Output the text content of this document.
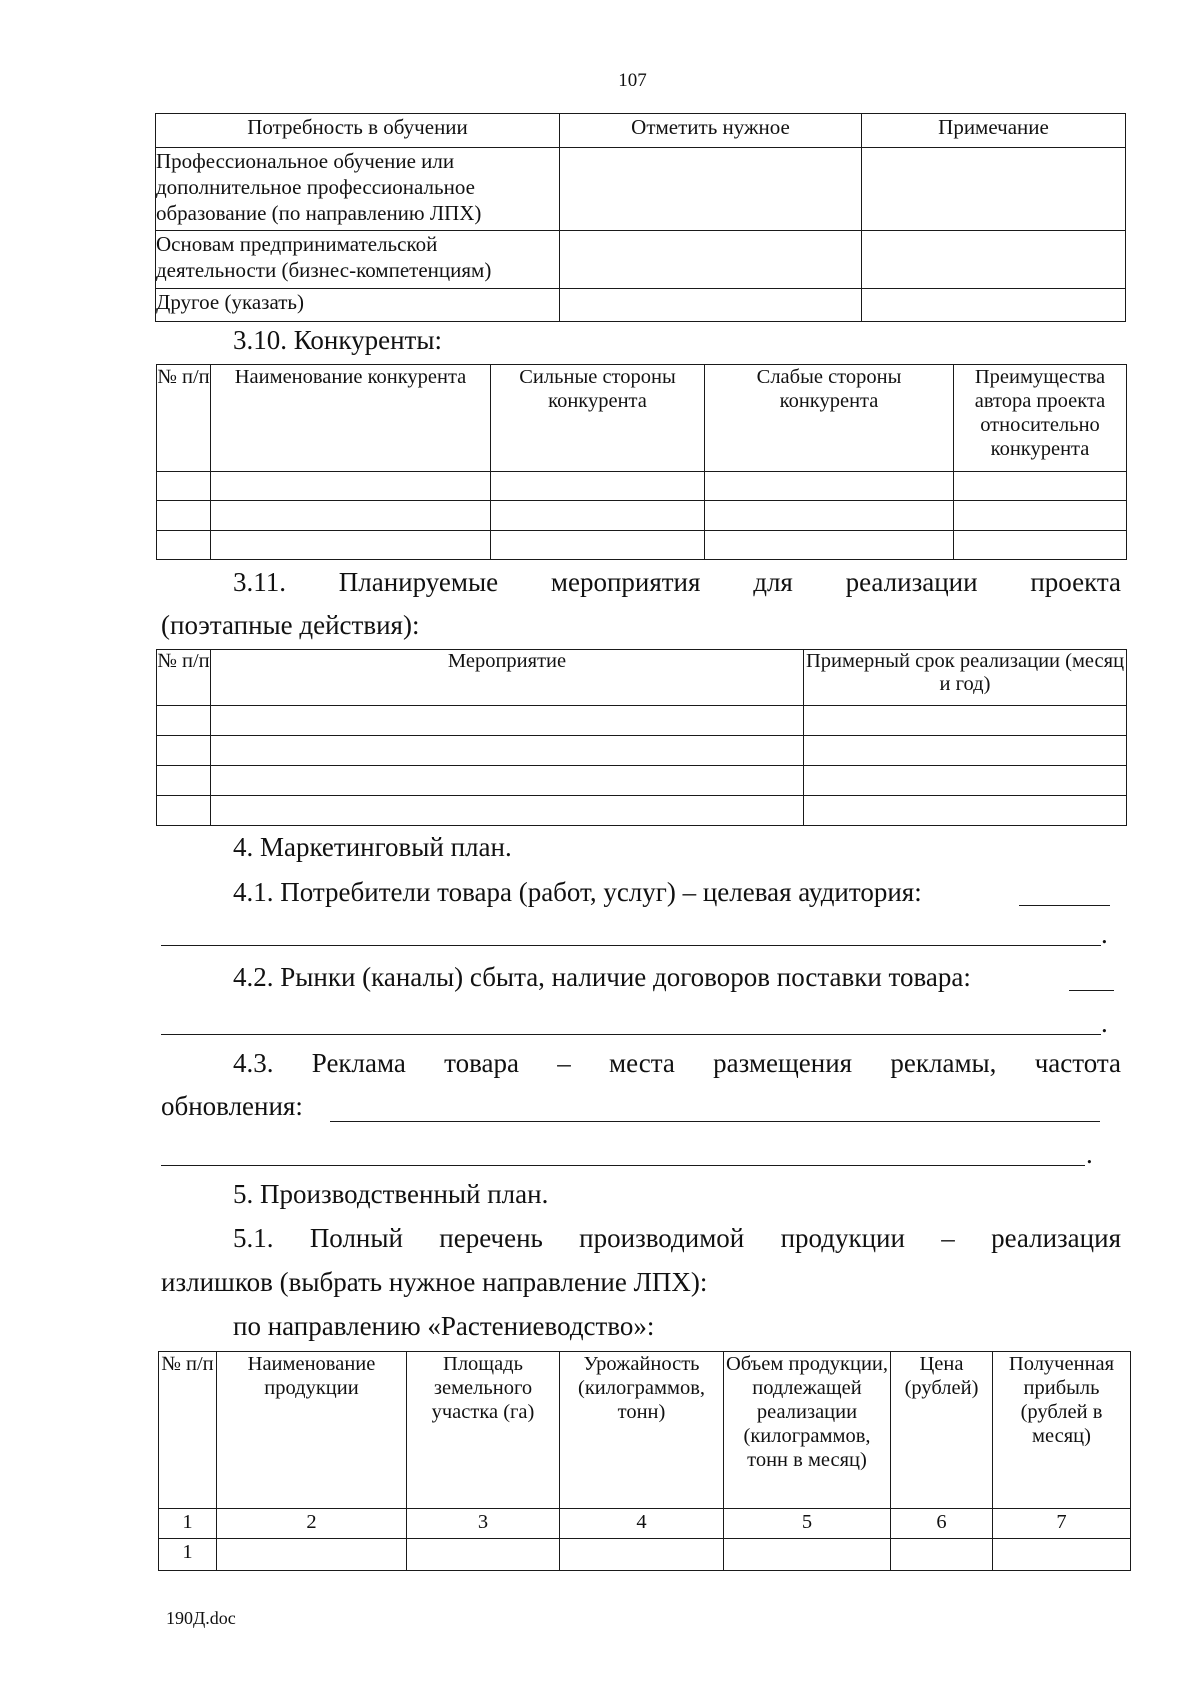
107
Потребность в обучении	Отметить нужное	Примечание
Профессиональное обучение или дополнительное профессиональное образование (по направлению ЛПХ)		
Основам предпринимательской деятельности (бизнес-компетенциям)		
Другое (указать)		
3.10. Конкуренты:
№ п/п	Наименование конкурента	Сильные стороны конкурента	Слабые стороны конкурента	Преимущества автора проекта относительно конкурента

3.11. Планируемые мероприятия для реализации проекта
(поэтапные действия):
№ п/п	Мероприятие	Примерный срок реализации (месяц и год)

4. Маркетинговый план.
4.1. Потребители товара (работ, услуг) – целевая аудитория:
.
4.2. Рынки (каналы) сбыта, наличие договоров поставки товара:
.
4.3. Реклама товара – места размещения рекламы, частота
обновления:
.
5. Производственный план.
5.1. Полный перечень производимой продукции – реализация
излишков (выбрать нужное направление ЛПХ):
по направлению «Растениеводство»:
№ п/п	Наименование продукции	Площадь земельного участка (га)	Урожайность (килограммов, тонн)	Объем продукции, подлежащей реализации (килограммов, тонн в месяц)	Цена (рублей)	Полученная прибыль (рублей в месяц)
1	2	3	4	5	6	7
1						
190Д.doc
